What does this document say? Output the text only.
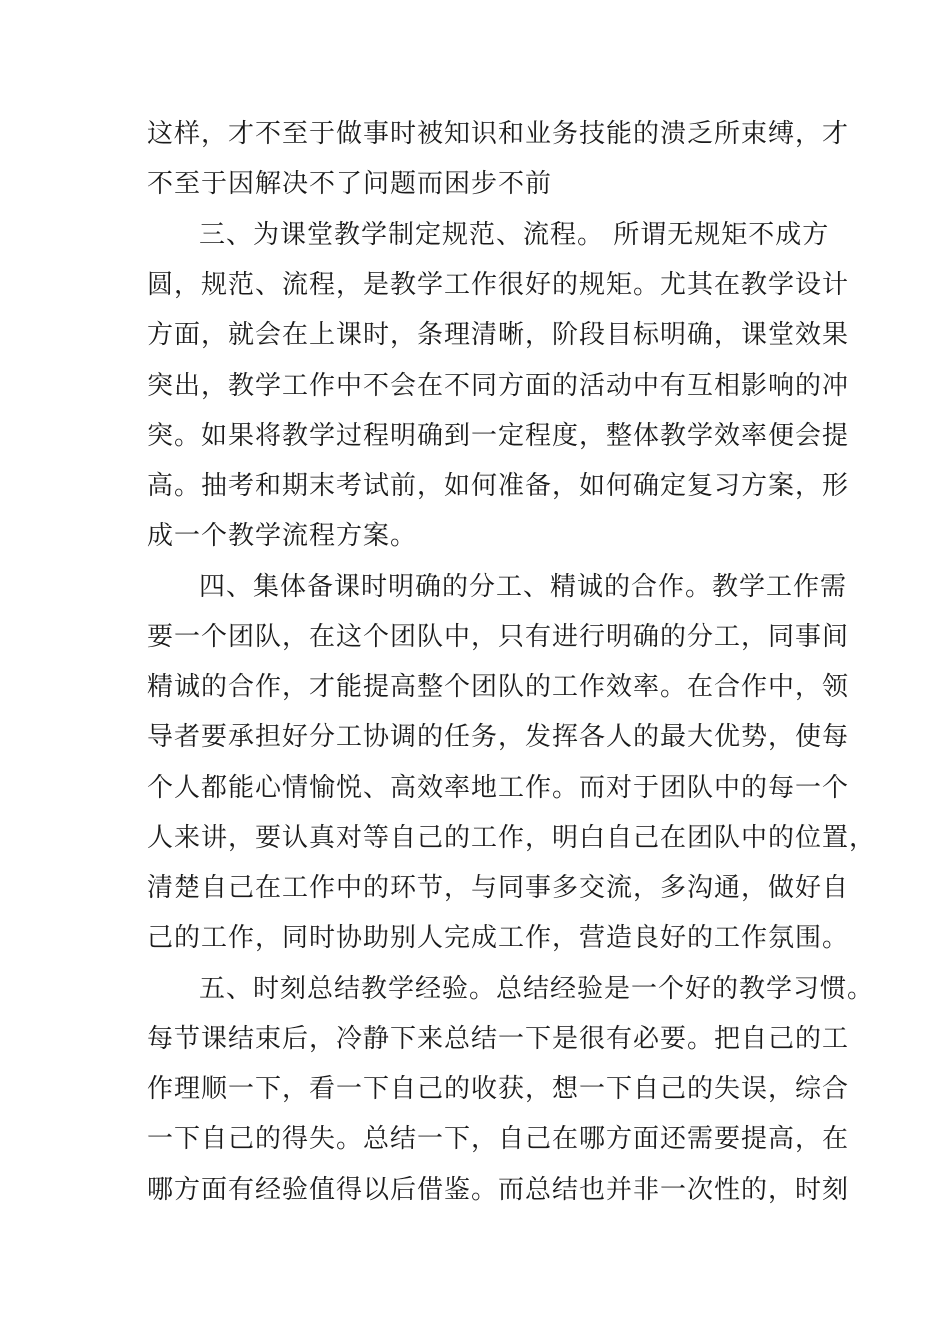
这样，才不至于做事时被知识和业务技能的溃乏所束缚，才
不至于因解决不了问题而困步不前
三、为课堂教学制定规范、流程。 所谓无规矩不成方
圆，规范、流程，是教学工作很好的规矩。尤其在教学设计
方面，就会在上课时，条理清晰，阶段目标明确，课堂效果
突出，教学工作中不会在不同方面的活动中有互相影响的冲
突。如果将教学过程明确到一定程度，整体教学效率便会提
高。抽考和期末考试前，如何准备，如何确定复习方案，形
成一个教学流程方案。
四、集体备课时明确的分工、精诚的合作。教学工作需
要一个团队，在这个团队中，只有进行明确的分工，同事间
精诚的合作，才能提高整个团队的工作效率。在合作中，领
导者要承担好分工协调的任务，发挥各人的最大优势，使每
个人都能心情愉悦、高效率地工作。而对于团队中的每一个
人来讲，要认真对等自己的工作，明白自己在团队中的位置，
清楚自己在工作中的环节，与同事多交流，多沟通，做好自
己的工作，同时协助别人完成工作，营造良好的工作氛围。
五、时刻总结教学经验。总结经验是一个好的教学习惯。
每节课结束后，冷静下来总结一下是很有必要。把自己的工
作理顺一下，看一下自己的收获，想一下自己的失误，综合
一下自己的得失。总结一下，自己在哪方面还需要提高，在
哪方面有经验值得以后借鉴。而总结也并非一次性的，时刻
